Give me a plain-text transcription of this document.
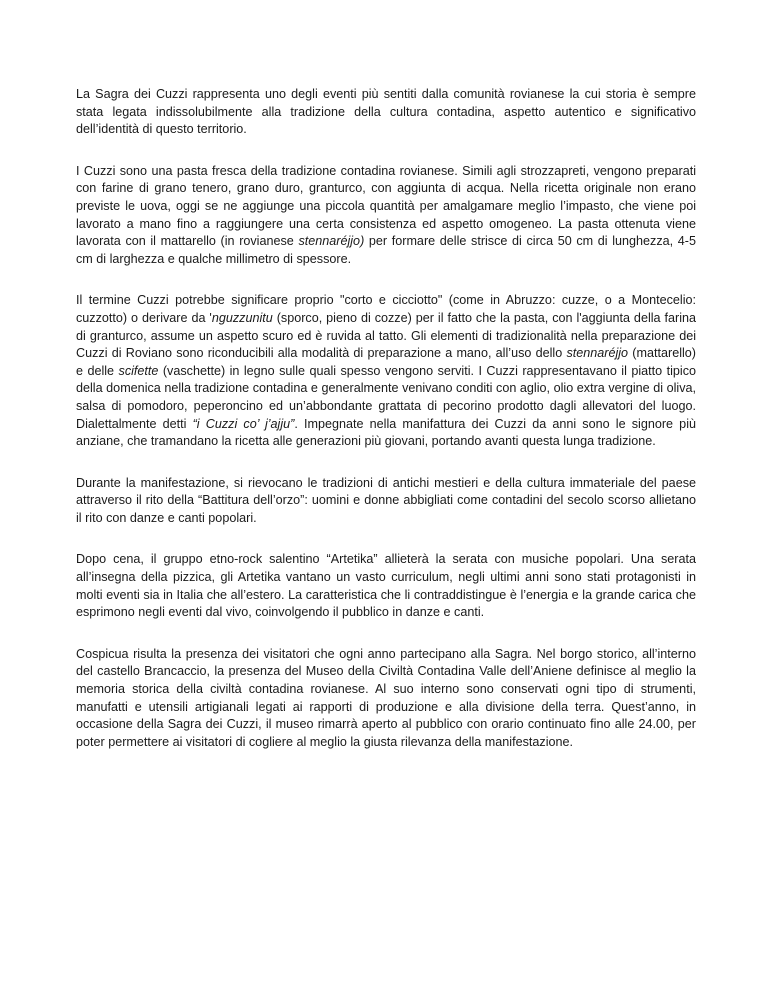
La Sagra dei Cuzzi rappresenta uno degli eventi più sentiti dalla comunità rovianese la cui storia è sempre stata legata indissolubilmente alla tradizione della cultura contadina, aspetto autentico e significativo dell’identità di questo territorio.

I Cuzzi sono una pasta fresca della tradizione contadina rovianese. Simili agli strozzapreti, vengono preparati con farine di grano tenero, grano duro, granturco, con aggiunta di acqua. Nella ricetta originale non erano previste le uova, oggi se ne aggiunge una piccola quantità per amalgamare meglio l’impasto, che viene poi lavorato a mano fino a raggiungere una certa consistenza ed aspetto omogeneo. La pasta ottenuta viene lavorata con il mattarello (in rovianese stennaréjjo) per formare delle strisce di circa 50 cm di lunghezza, 4-5 cm di larghezza e qualche millimetro di spessore.

Il termine Cuzzi potrebbe significare proprio "corto e cicciotto" (come in Abruzzo: cuzze, o a Montecelio: cuzzotto) o derivare da 'nguzzunitu (sporco, pieno di cozze) per il fatto che la pasta, con l'aggiunta della farina di granturco, assume un aspetto scuro ed è ruvida al tatto. Gli elementi di tradizionalità nella preparazione dei Cuzzi di Roviano sono riconducibili alla modalità di preparazione a mano, all’uso dello stennaréjjo (mattarello) e delle scifette (vaschette) in legno sulle quali spesso vengono serviti. I Cuzzi rappresentavano il piatto tipico della domenica nella tradizione contadina e generalmente venivano conditi con aglio, olio extra vergine di oliva, salsa di pomodoro, peperoncino ed un’abbondante grattata di pecorino prodotto dagli allevatori del luogo. Dialettalmente detti “i Cuzzi co’ j’ajju”. Impegnate nella manifattura dei Cuzzi da anni sono le signore più anziane, che tramandano la ricetta alle generazioni più giovani, portando avanti questa lunga tradizione.

Durante la manifestazione, si rievocano le tradizioni di antichi mestieri e della cultura immateriale del paese attraverso il rito della “Battitura dell’orzo”: uomini e donne abbigliati come contadini del secolo scorso allietano il rito con danze e canti popolari.

Dopo cena, il gruppo etno-rock salentino “Artetika” allieterà la serata con musiche popolari. Una serata all’insegna della pizzica, gli Artetika vantano un vasto curriculum, negli ultimi anni sono stati protagonisti in molti eventi sia in Italia che all’estero. La caratteristica che li contraddistingue è l’energia e la grande carica che esprimono negli eventi dal vivo, coinvolgendo il pubblico in danze e canti.

Cospicua risulta la presenza dei visitatori che ogni anno partecipano alla Sagra. Nel borgo storico, all’interno del castello Brancaccio, la presenza del Museo della Civiltà Contadina Valle dell’Aniene definisce al meglio la memoria storica della civiltà contadina rovianese. Al suo interno sono conservati ogni tipo di strumenti, manufatti e utensili artigianali legati ai rapporti di produzione e alla divisione della terra. Quest’anno, in occasione della Sagra dei Cuzzi, il museo rimarrà aperto al pubblico con orario continuato fino alle 24.00, per poter permettere ai visitatori di cogliere al meglio la giusta rilevanza della manifestazione.
